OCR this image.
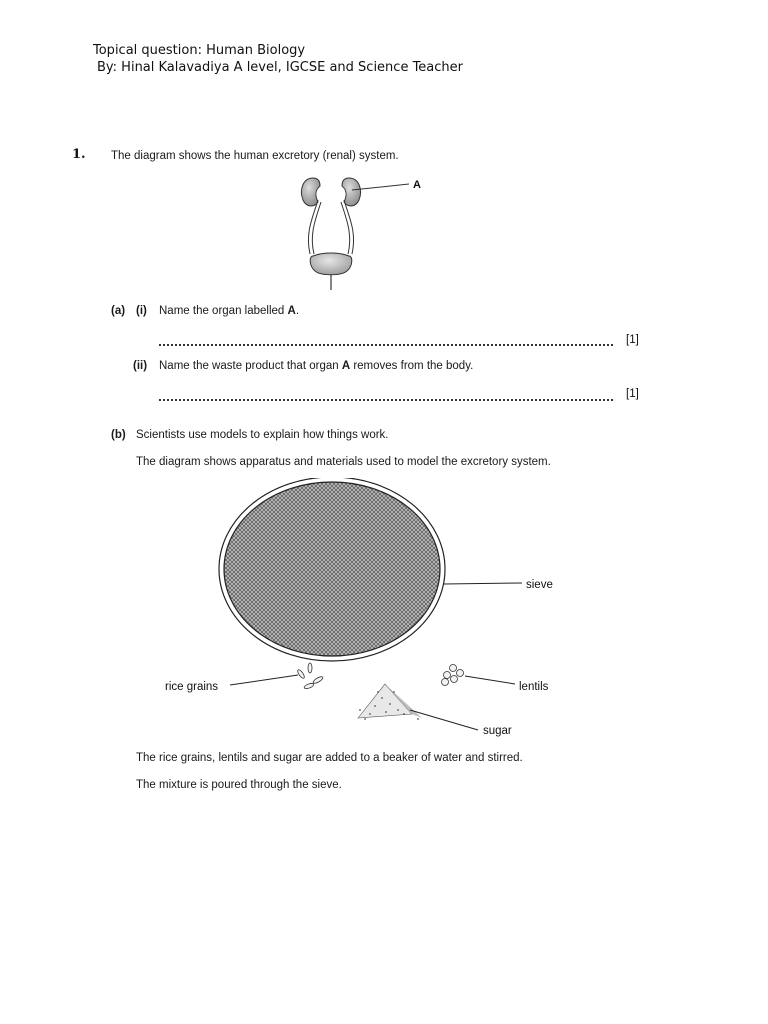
Topical question: Human Biology
By: Hinal Kalavadiya A level, IGCSE and Science Teacher
1. The diagram shows the human excretory (renal) system.
A
(a) (i) Name the organ labelled A.
[1]
(ii) Name the waste product that organ A removes from the body.
[1]
(b) Scientists use models to explain how things work.
The diagram shows apparatus and materials used to model the excretory system.
sieve
rice grains	lentils
sugar
The rice grains, lentils and sugar are added to a beaker of water and stirred.
The mixture is poured through the sieve.
